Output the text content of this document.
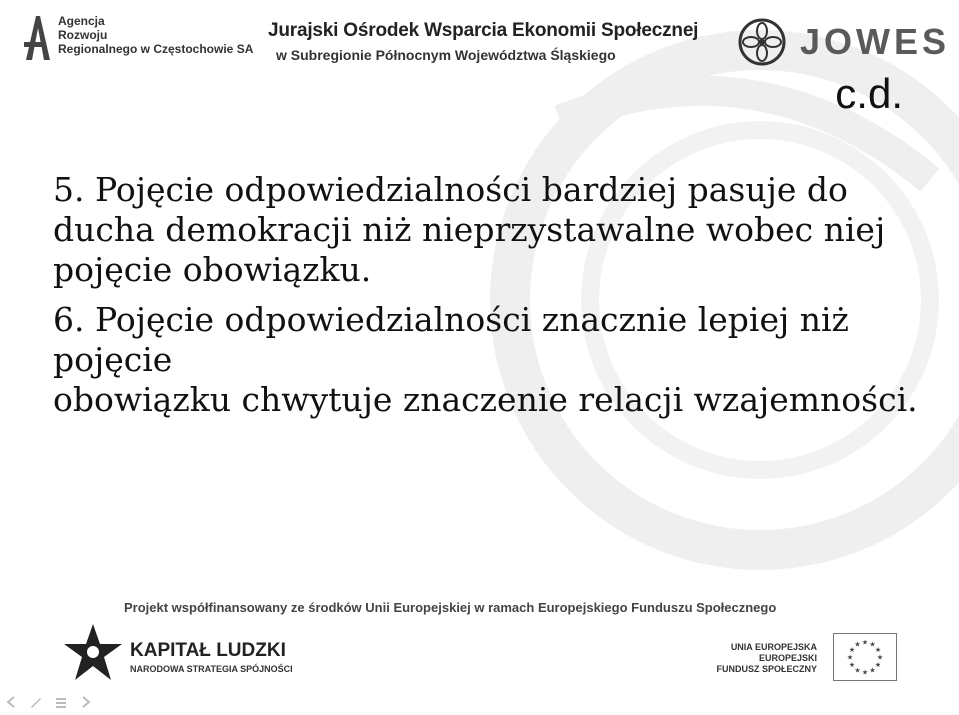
Agencja
Rozwoju
Regionalnego w Częstochowie SA
Jurajski Ośrodek Wsparcia Ekonomii Społecznej
w Subregionie Północnym Województwa Śląskiego	JOWES
c.d.

5. Pojęcie odpowiedzialności bardziej pasuje do ducha demokracji niż nieprzystawalne wobec niej pojęcie obowiązku.

6. Pojęcie odpowiedzialności znacznie lepiej niż pojęcie
obowiązku chwytuje znaczenie relacji wzajemności.

Projekt współfinansowany ze środków Unii Europejskiej w ramach Europejskiego Funduszu Społecznego
KAPITAŁ LUDZKI
NARODOWA STRATEGIA SPÓJNOŚCI
UNIA EUROPEJSKA
EUROPEJSKI
FUNDUSZ SPOŁECZNY
★ ★
★
★
★
★
★
★
★
★
★
★
